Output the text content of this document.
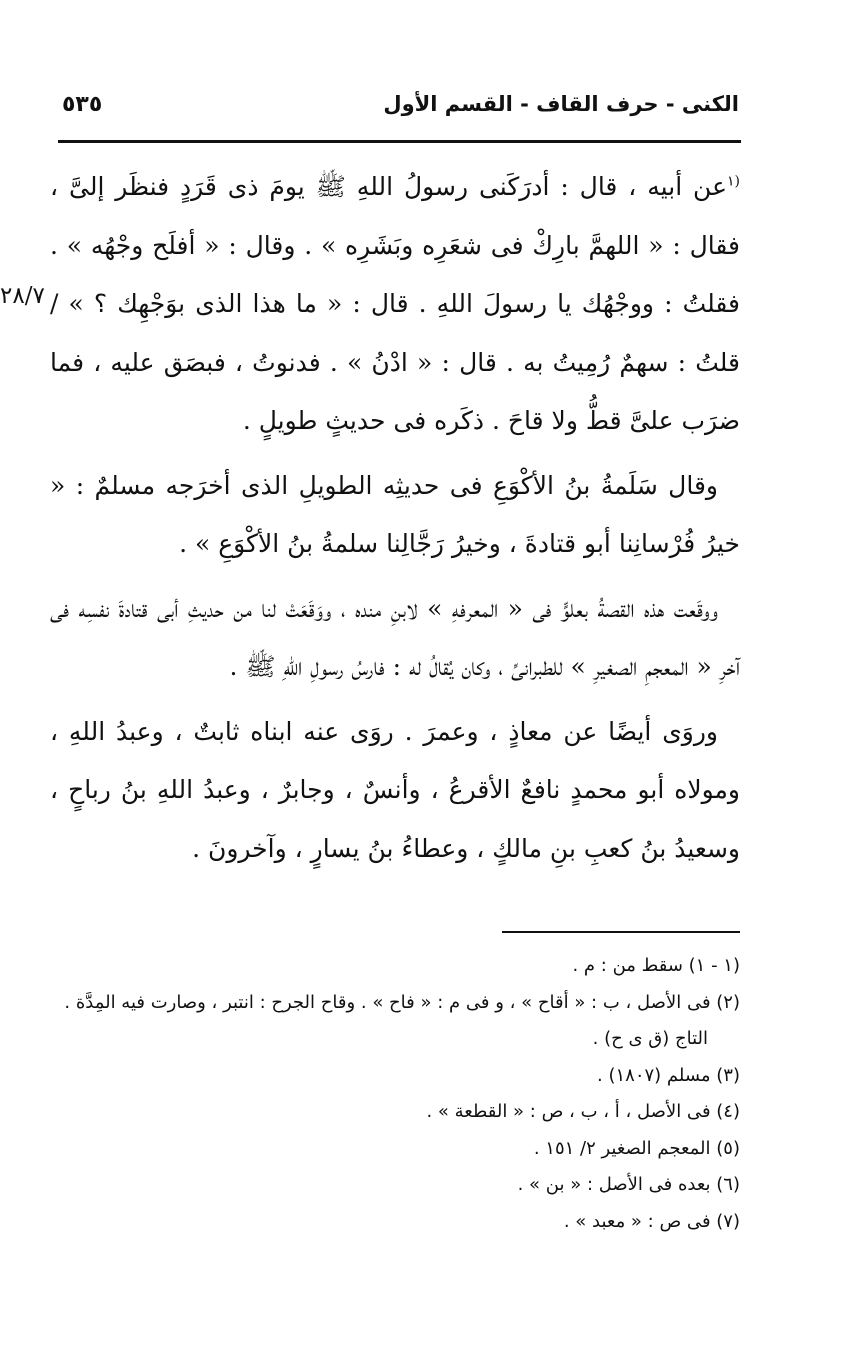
٥٣٥	الكنى - حرف القاف - القسم الأول
٢٨/٧

$^{(١}$عن أبيه ، قال : أدرَكَنى رسولُ اللهِ ﷺ يومَ ذى قَرَدٍ فنظَر إلىَّ ، فقال : « اللهمَّ بارِكْ فى شعَرِه وبَشَرِه » . وقال : « أفلَح وجْهُه » . فقلتُ : ووجْهُك يا رسولَ اللهِ . قال : « ما هذا الذى بوَجْهِك ؟ » /قلتُ : سهمٌ رُمِيتُ به . قال : « ادْنُ » . فدنوتُ ، فبصَق عليه ، فما ضرَب علىَّ قطُّ ولا قاحَ . ذكَره فى حديثٍ طويلٍ .

وقال سَلَمةُ بنُ الأكْوَعِ فى حديثِه الطويلِ الذى أخرَجه مسلمٌ : « خيرُ فُرْسانِنا أبو قتادةَ ، وخيرُ رَجَّالِنا سلمةُ بنُ الأكْوَعِ » .

ووقَعت هذه القصةُ بعلوٍّ فى « المعرفهِ » لابنِ منده ، ووَقَعَتْ لنا من حديثِ أبى قتادةَ نفسِه فى آخرِ « المعجمِ الصغيرِ » للطبرانىِّ ، وكان يُقالُ له : فارسُ رسولِ اللهِ ﷺ .

وروَى أيضًا عن معاذٍ ، وعمرَ . روَى عنه ابناه ثابتٌ ، وعبدُ اللهِ ، ومولاه أبو محمدٍ نافعٌ الأقرعُ ، وأنسٌ ، وجابرٌ ، وعبدُ اللهِ بنُ رباحٍ ، وسعيدُ بنُ كعبِ بنِ مالكٍ ، وعطاءُ بنُ يسارٍ ، وآخرونَ .

(١ - ١) سقط من : م .

(٢) فى الأصل ، ب : « أقاح » ، و فى م : « فاح » . وقاح الجرح : انتبر ، وصارت فيه المِدَّة .
التاج (ق ى ح) .

(٣) مسلم (١٨٠٧) .

(٤) فى الأصل ، أ ، ب ، ص : « القطعة » .

(٥) المعجم الصغير ٢/ ١٥١ .

(٦) بعده فى الأصل : « بن » .

(٧) فى ص : « معبد » .
